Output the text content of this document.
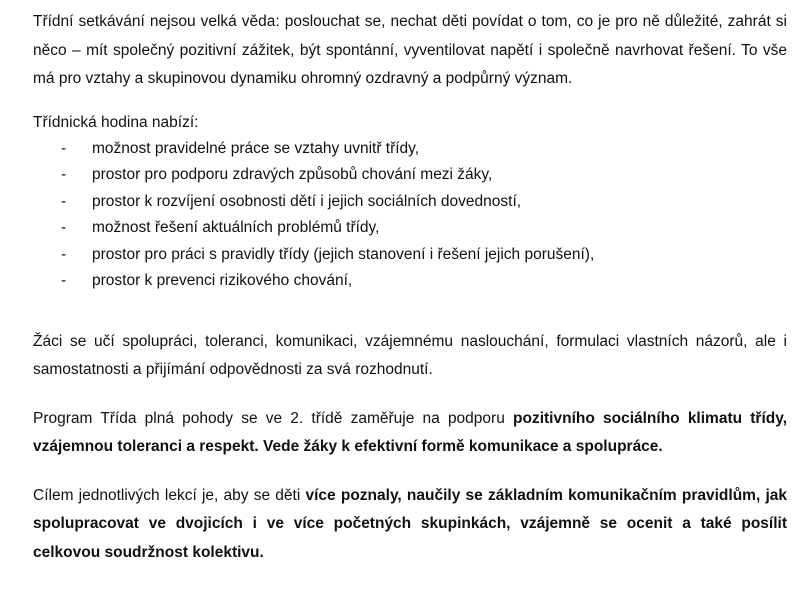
Třídní setkávání nejsou velká věda: poslouchat se, nechat děti povídat o tom, co je pro ně důležité, zahrát si něco – mít společný pozitivní zážitek, být spontánní, vyventilovat napětí i společně navrhovat řešení. To vše má pro vztahy a skupinovou dynamiku ohromný ozdravný a podpůrný význam.

Třídnická hodina nabízí:

- možnost pravidelné práce se vztahy uvnitř třídy,
- prostor pro podporu zdravých způsobů chování mezi žáky,
- prostor k rozvíjení osobnosti dětí i jejich sociálních dovedností,
- možnost řešení aktuálních problémů třídy,
- prostor pro práci s pravidly třídy (jejich stanovení i řešení jejich porušení),
- prostor k prevenci rizikového chování,

Žáci se učí spolupráci, toleranci, komunikaci, vzájemnému naslouchání, formulaci vlastních názorů, ale i samostatnosti a přijímání odpovědnosti za svá rozhodnutí.

Program Třída plná pohody se ve 2. třídě zaměřuje na podporu pozitivního sociálního klimatu třídy, vzájemnou toleranci a respekt. Vede žáky k efektivní formě komunikace a spolupráce.

Cílem jednotlivých lekcí je, aby se děti více poznaly, naučily se základním komunikačním pravidlům, jak spolupracovat ve dvojicích i ve více početných skupinkách, vzájemně se ocenit a také posílit celkovou soudržnost kolektivu.
